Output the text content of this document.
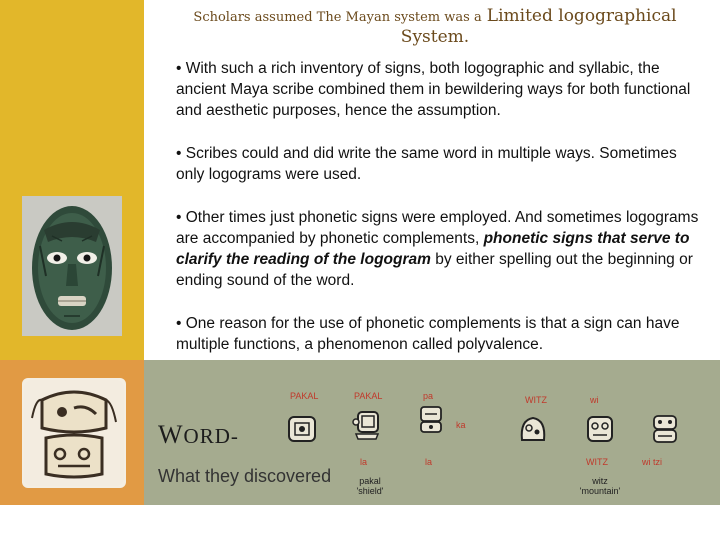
Scholars assumed The Mayan system was a Limited logographical
System.

• With such a rich inventory of signs, both logographic and syllabic, the ancient Maya scribe combined them in bewildering ways for both functional and aesthetic purposes, hence the assumption.

• Scribes could and did write the same word in multiple ways. Sometimes only logograms were used.

• Other times just phonetic signs were employed. And sometimes logograms are accompanied by phonetic complements, phonetic signs that serve to clarify the reading of the logogram by either spelling out the beginning or ending sound of the word.

• One reason for the use of phonetic complements is that a sign can have multiple functions, a phenomenon called polyvalence.

WORD-
What they discovered
PAKAL	PAKAL
la
pa
ka
la
WITZ	wi
WITZ	wi tzi
pakal
'shield'
witz
'mountain'
